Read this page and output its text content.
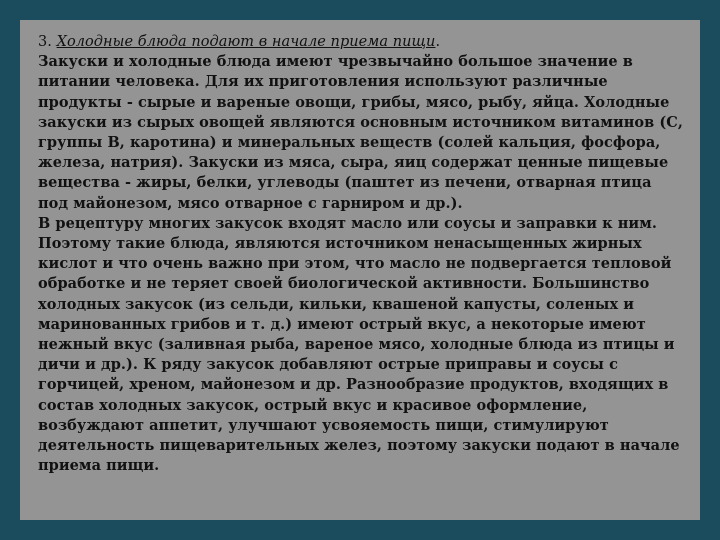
3. Холодные блюда подают в начале приема пищи.
Закуски и холодные блюда имеют чрезвычайно большое значение в
питании человека. Для их приготовления используют различные
продукты - сырые и вареные овощи, грибы, мясо, рыбу, яйца. Холодные
закуски из сырых овощей являются основным источником витаминов (С,
группы В, каротина) и минеральных веществ (солей кальция, фосфора,
железа, натрия). Закуски из мяса, сыра, яиц содержат ценные пищевые
вещества - жиры, белки, углеводы (паштет из печени, отварная птица
под майонезом, мясо отварное с гарниром и др.).
В рецептуру многих закусок входят масло или соусы и заправки к ним.
Поэтому такие блюда, являются источником ненасыщенных жирных
кислот и что очень важно при этом, что масло не подвергается тепловой
обработке и не теряет своей биологической активности. Большинство
холодных закусок (из сельди, кильки, квашеной капусты, соленых и
маринованных грибов и т. д.) имеют острый вкус, а некоторые имеют
нежный вкус (заливная рыба, вареное мясо, холодные блюда из птицы и
дичи и др.). К ряду закусок добавляют острые приправы и соусы с
горчицей, хреном, майонезом и др. Разнообразие продуктов, входящих в
состав холодных закусок, острый вкус и красивое оформление,
возбуждают аппетит, улучшают усвояемость пищи, стимулируют
деятельность пищеварительных желез, поэтому закуски подают в начале
приема пищи.
